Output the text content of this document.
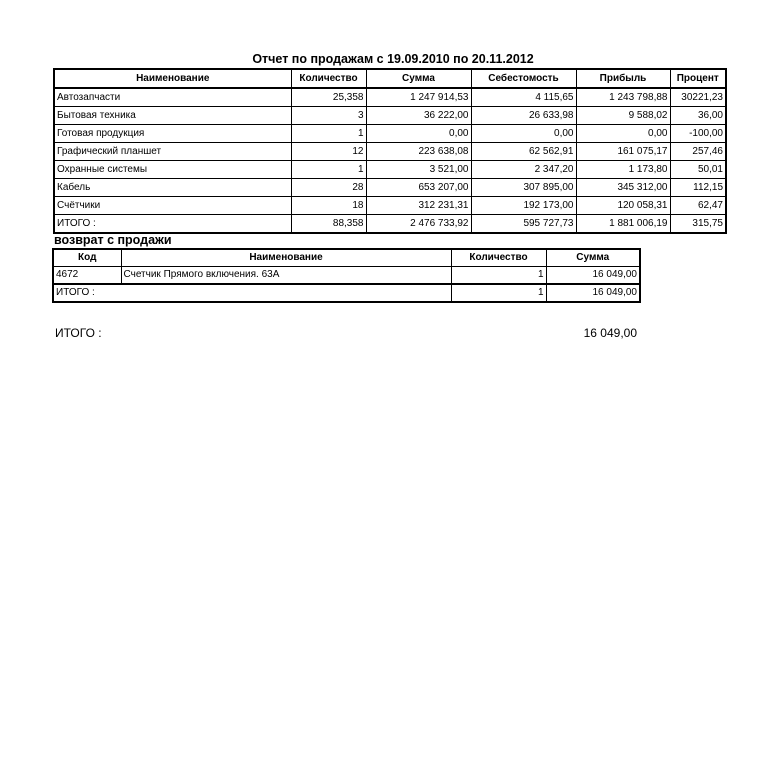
Отчет по продажам с 19.09.2010 по 20.11.2012
Наименование	Количество	Сумма	Себестомость	Прибыль	Процент
Автозапчасти	25,358	1 247 914,53	4 115,65	1 243 798,88	30221,23
Бытовая техника	3	36 222,00	26 633,98	9 588,02	36,00
Готовая продукция	1	0,00	0,00	0,00	-100,00
Графический планшет	12	223 638,08	62 562,91	161 075,17	257,46
Охранные системы	1	3 521,00	2 347,20	1 173,80	50,01
Кабель	28	653 207,00	307 895,00	345 312,00	112,15
Счётчики	18	312 231,31	192 173,00	120 058,31	62,47
ИТОГО :	88,358	2 476 733,92	595 727,73	1 881 006,19	315,75
возврат с продажи
Код	Наименование	Количество	Сумма
4672	Счетчик Прямого включения. 63А	1	16 049,00
ИТОГО :		1	16 049,00
ИТОГО :	16 049,00
